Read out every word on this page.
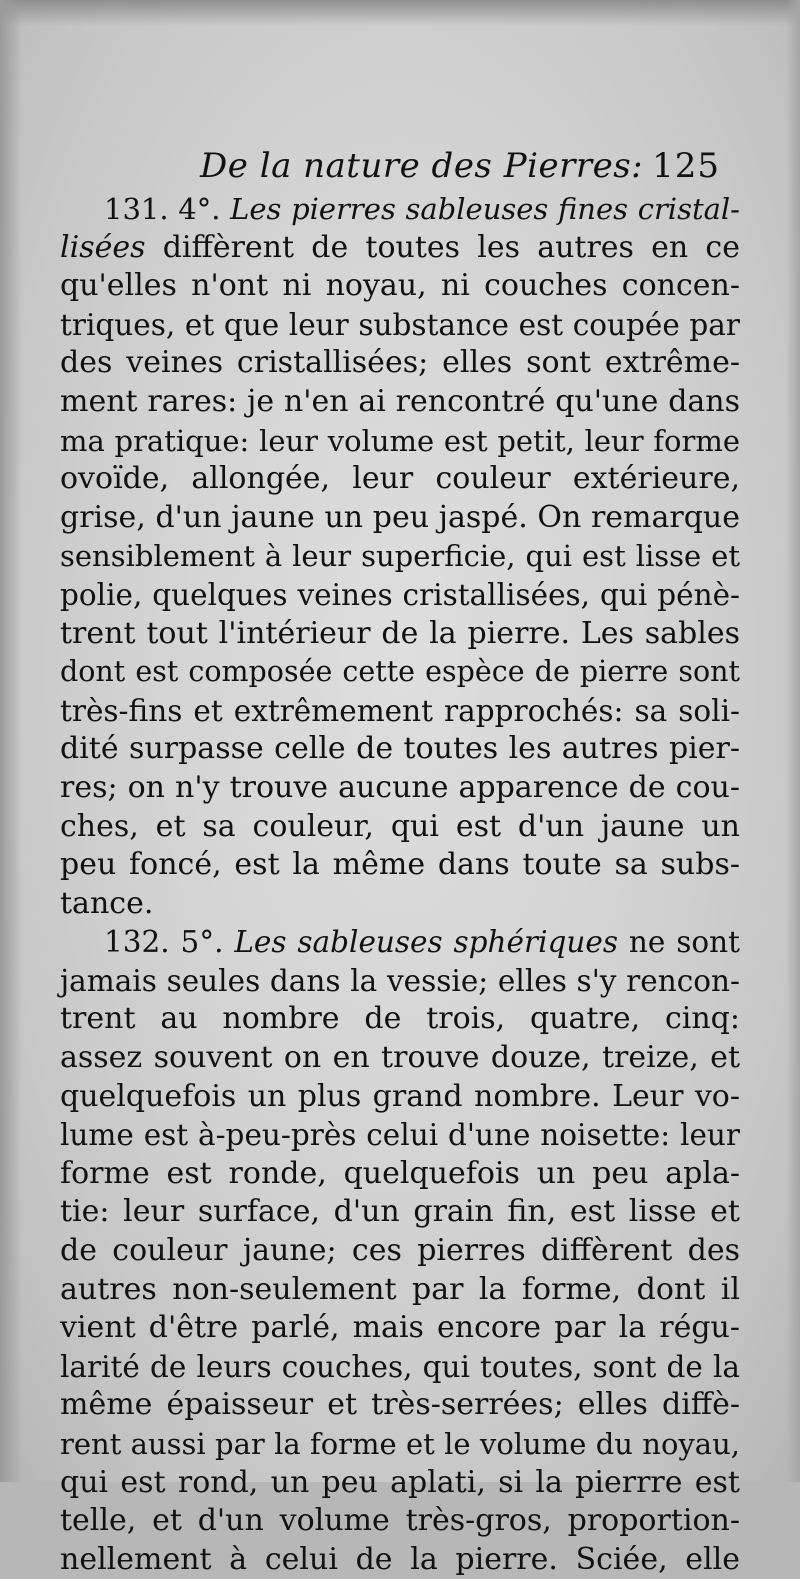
De la nature des Pierres: 125
131. 4°. Les pierres sableuses fines cristal-
lisées diffèrent de toutes les autres en ce
qu'elles n'ont ni noyau, ni couches concen-
triques, et que leur substance est coupée par
des veines cristallisées; elles sont extrême-
ment rares: je n'en ai rencontré qu'une dans
ma pratique: leur volume est petit, leur forme
ovoïde, allongée, leur couleur extérieure,
grise, d'un jaune un peu jaspé. On remarque
sensiblement à leur superficie, qui est lisse et
polie, quelques veines cristallisées, qui pénè-
trent tout l'intérieur de la pierre. Les sables
dont est composée cette espèce de pierre sont
très-fins et extrêmement rapprochés: sa soli-
dité surpasse celle de toutes les autres pier-
res; on n'y trouve aucune apparence de cou-
ches, et sa couleur, qui est d'un jaune un
peu foncé, est la même dans toute sa subs-
tance.
132. 5°. Les sableuses sphériques ne sont
jamais seules dans la vessie; elles s'y rencon-
trent au nombre de trois, quatre, cinq:
assez souvent on en trouve douze, treize, et
quelquefois un plus grand nombre. Leur vo-
lume est à-peu-près celui d'une noisette: leur
forme est ronde, quelquefois un peu apla-
tie: leur surface, d'un grain fin, est lisse et
de couleur jaune; ces pierres diffèrent des
autres non-seulement par la forme, dont il
vient d'être parlé, mais encore par la régu-
larité de leurs couches, qui toutes, sont de la
même épaisseur et très-serrées; elles diffè-
rent aussi par la forme et le volume du noyau,
qui est rond, un peu aplati, si la pierrre est
telle, et d'un volume très-gros, proportion-
nellement à celui de la pierre. Sciée, elle
